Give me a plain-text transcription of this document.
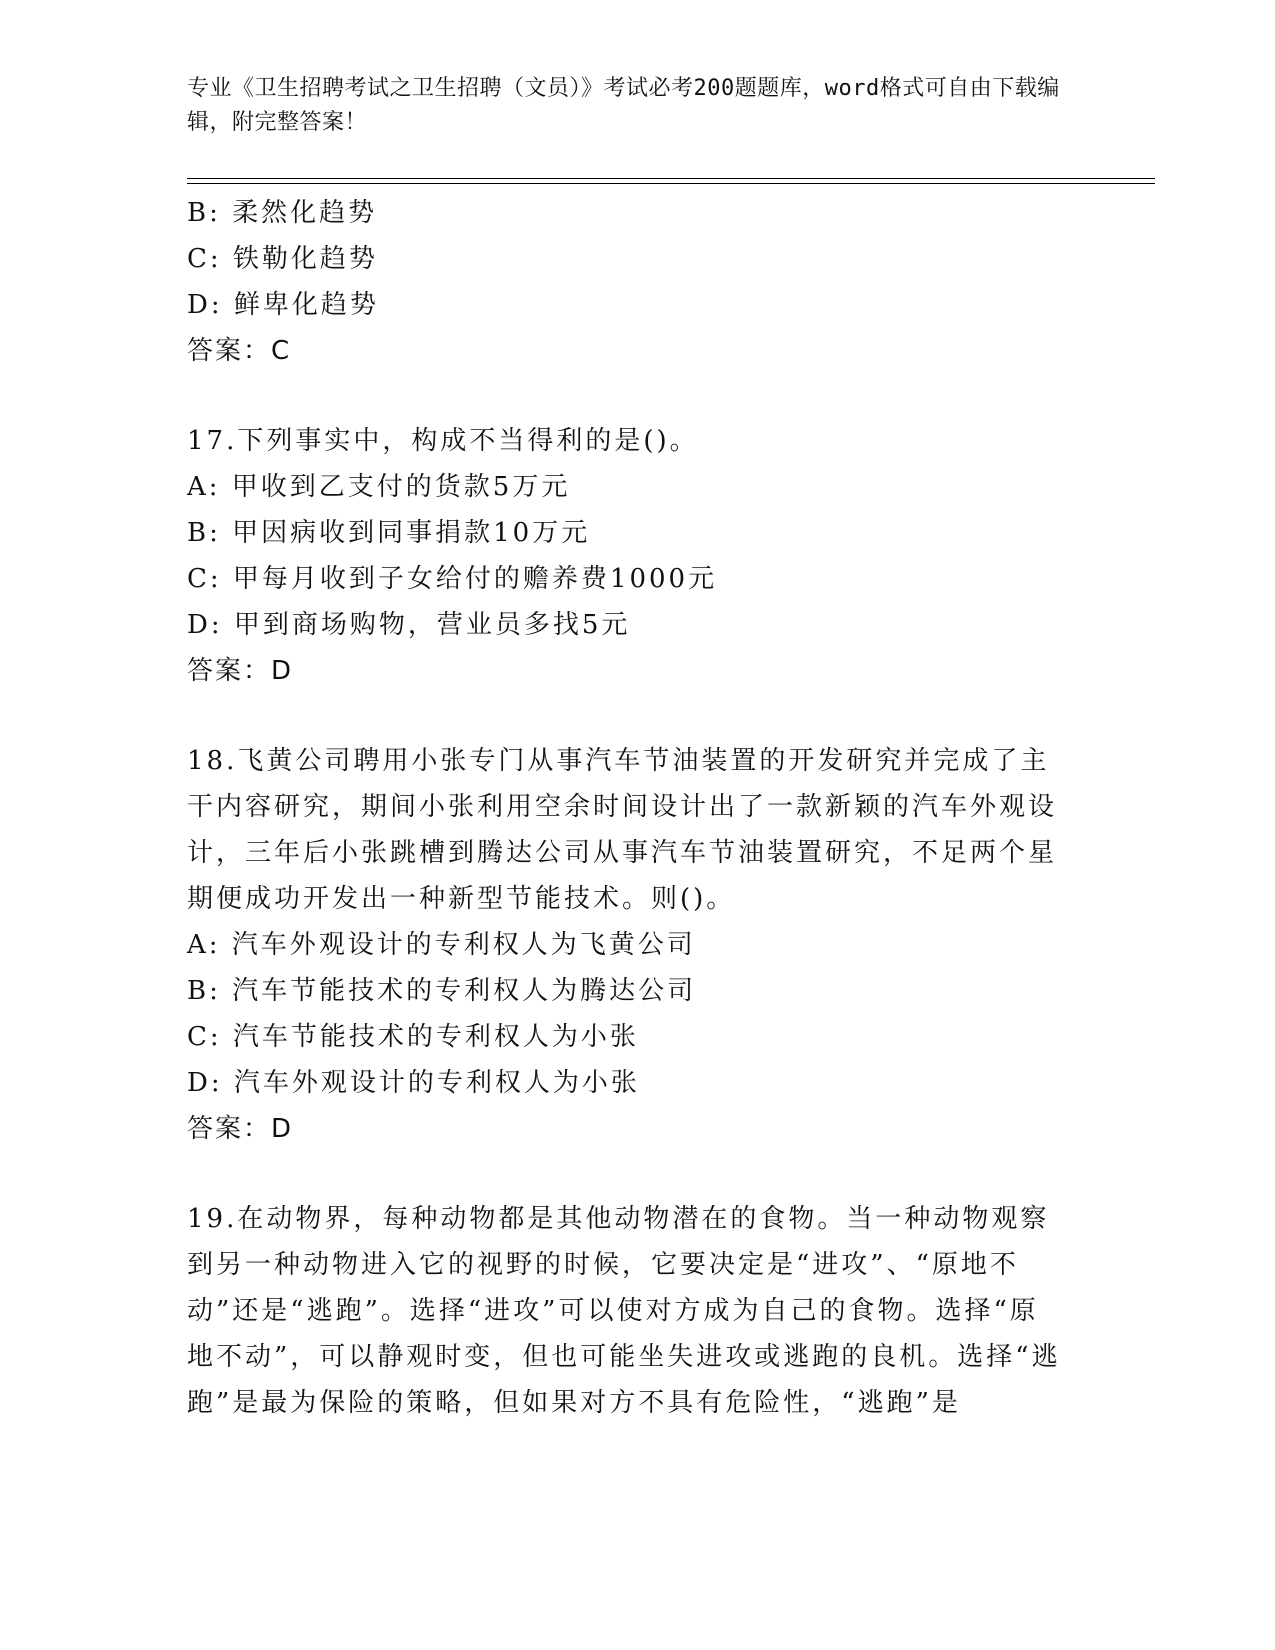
专业《卫生招聘考试之卫生招聘（文员）》考试必考200题题库，word格式可自由下载编辑，附完整答案！
B: 柔然化趋势
C: 铁勒化趋势
D: 鲜卑化趋势
答案：C
17.下列事实中，构成不当得利的是()。
A: 甲收到乙支付的货款5万元
B: 甲因病收到同事捐款10万元
C: 甲每月收到子女给付的赡养费1000元
D: 甲到商场购物，营业员多找5元
答案：D
18.飞黄公司聘用小张专门从事汽车节油装置的开发研究并完成了主干内容研究，期间小张利用空余时间设计出了一款新颖的汽车外观设计，三年后小张跳槽到腾达公司从事汽车节油装置研究，不足两个星期便成功开发出一种新型节能技术。则()。
A: 汽车外观设计的专利权人为飞黄公司
B: 汽车节能技术的专利权人为腾达公司
C: 汽车节能技术的专利权人为小张
D: 汽车外观设计的专利权人为小张
答案：D
19.在动物界，每种动物都是其他动物潜在的食物。当一种动物观察到另一种动物进入它的视野的时候，它要决定是“进攻”、“原地不动”还是“逃跑”。选择“进攻”可以使对方成为自己的食物。选择“原地不动”，可以静观时变，但也可能坐失进攻或逃跑的良机。选择“逃跑”是最为保险的策略，但如果对方不具有危险性，“逃跑”是
